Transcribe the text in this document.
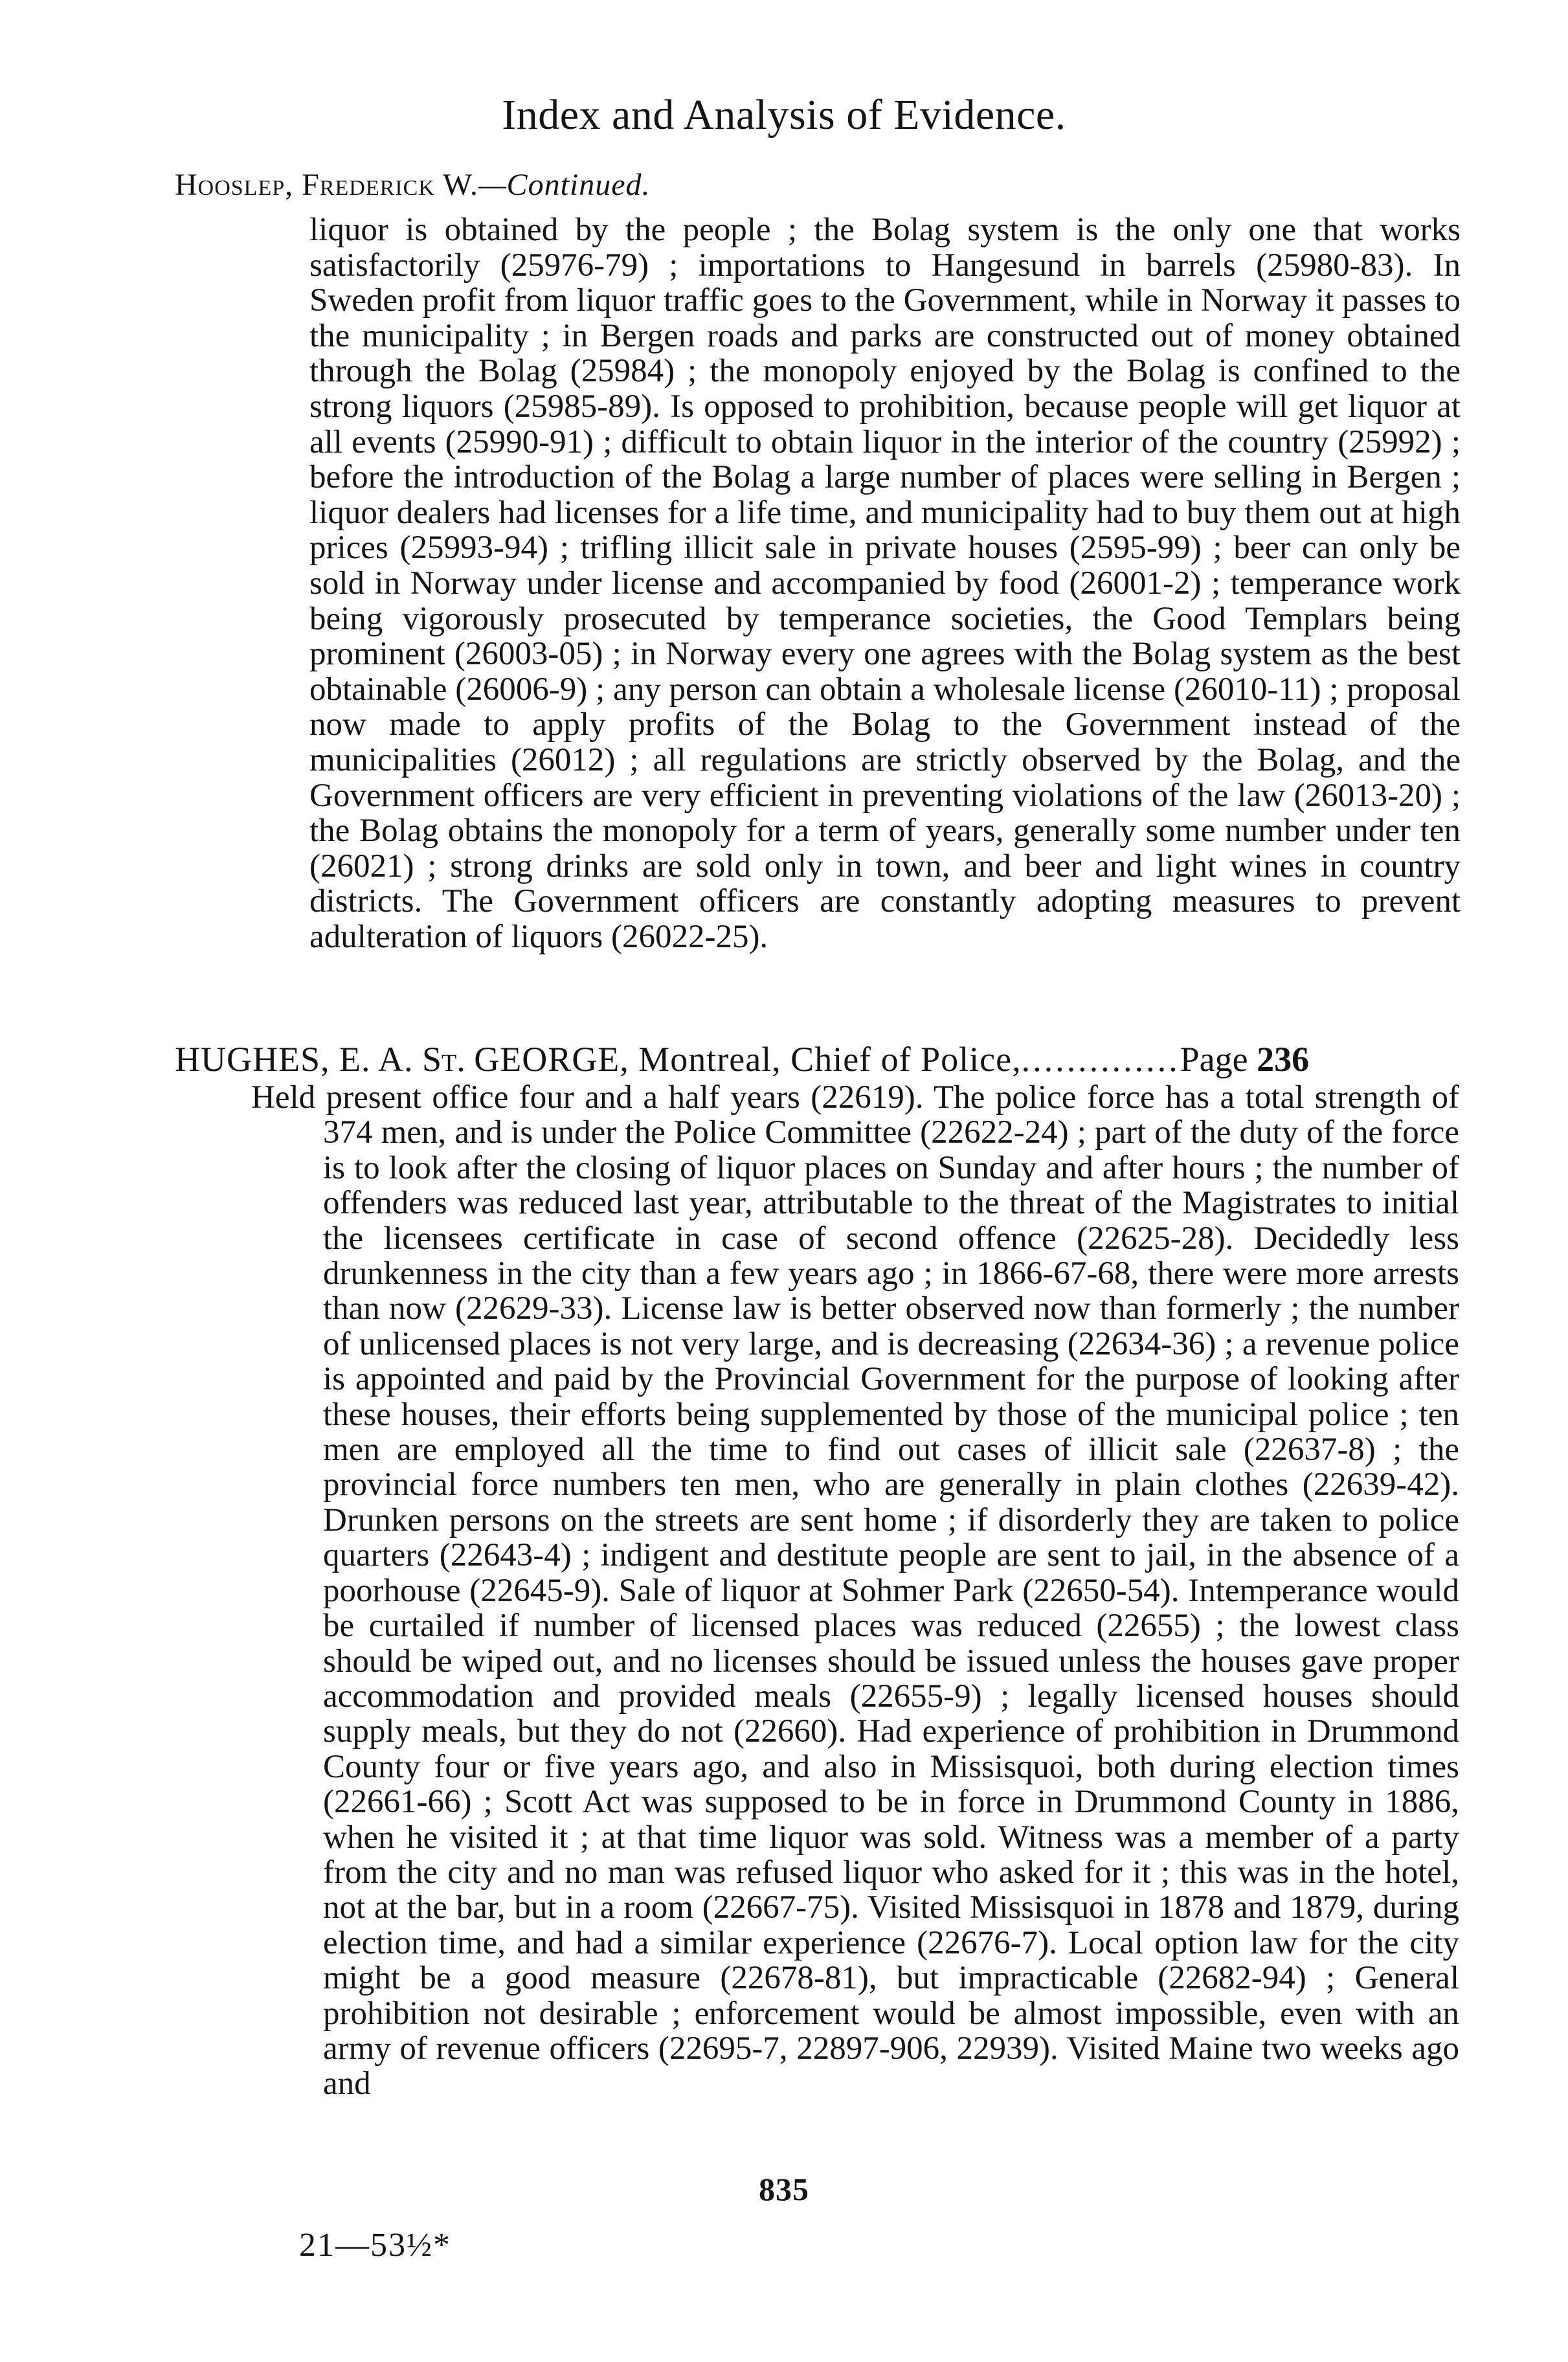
Index and Analysis of Evidence.
Hooslep, Frederick W.—Continued.
liquor is obtained by the people ; the Bolag system is the only one that works satisfactorily (25976-79) ; importations to Hangesund in barrels (25980-83). In Sweden profit from liquor traffic goes to the Government, while in Norway it passes to the municipality ; in Bergen roads and parks are constructed out of money obtained through the Bolag (25984) ; the monopoly enjoyed by the Bolag is confined to the strong liquors (25985-89). Is opposed to prohibition, because people will get liquor at all events (25990-91) ; difficult to obtain liquor in the interior of the country (25992) ; before the introduction of the Bolag a large number of places were selling in Bergen ; liquor dealers had licenses for a life time, and municipality had to buy them out at high prices (25993-94) ; trifling illicit sale in private houses (2595-99) ; beer can only be sold in Norway under license and accompanied by food (26001-2) ; temperance work being vigorously prosecuted by temperance societies, the Good Templars being prominent (26003-05) ; in Norway every one agrees with the Bolag system as the best obtainable (26006-9) ; any person can obtain a wholesale license (26010-11) ; proposal now made to apply profits of the Bolag to the Government instead of the municipalities (26012) ; all regulations are strictly observed by the Bolag, and the Government officers are very efficient in preventing violations of the law (26013-20) ; the Bolag obtains the monopoly for a term of years, generally some number under ten (26021) ; strong drinks are sold only in town, and beer and light wines in country districts. The Government officers are constantly adopting measures to prevent adulteration of liquors (26022-25).
HUGHES, E. A. St. GEORGE, Montreal, Chief of Police,..............Page 236
Held present office four and a half years (22619). The police force has a total strength of 374 men, and is under the Police Committee (22622-24) ; part of the duty of the force is to look after the closing of liquor places on Sunday and after hours ; the number of offenders was reduced last year, attributable to the threat of the Magistrates to initial the licensees certificate in case of second offence (22625-28). Decidedly less drunkenness in the city than a few years ago ; in 1866-67-68, there were more arrests than now (22629-33). License law is better observed now than formerly ; the number of unlicensed places is not very large, and is decreasing (22634-36) ; a revenue police is appointed and paid by the Provincial Government for the purpose of looking after these houses, their efforts being supplemented by those of the municipal police ; ten men are employed all the time to find out cases of illicit sale (22637-8) ; the provincial force numbers ten men, who are generally in plain clothes (22639-42). Drunken persons on the streets are sent home ; if disorderly they are taken to police quarters (22643-4) ; indigent and destitute people are sent to jail, in the absence of a poorhouse (22645-9). Sale of liquor at Sohmer Park (22650-54). Intemperance would be curtailed if number of licensed places was reduced (22655) ; the lowest class should be wiped out, and no licenses should be issued unless the houses gave proper accommodation and provided meals (22655-9) ; legally licensed houses should supply meals, but they do not (22660). Had experience of prohibition in Drummond County four or five years ago, and also in Missisquoi, both during election times (22661-66) ; Scott Act was supposed to be in force in Drummond County in 1886, when he visited it ; at that time liquor was sold. Witness was a member of a party from the city and no man was refused liquor who asked for it ; this was in the hotel, not at the bar, but in a room (22667-75). Visited Missisquoi in 1878 and 1879, during election time, and had a similar experience (22676-7). Local option law for the city might be a good measure (22678-81), but impracticable (22682-94) ; General prohibition not desirable ; enforcement would be almost impossible, even with an army of revenue officers (22695-7, 22897-906, 22939). Visited Maine two weeks ago and
835
21—53½*
